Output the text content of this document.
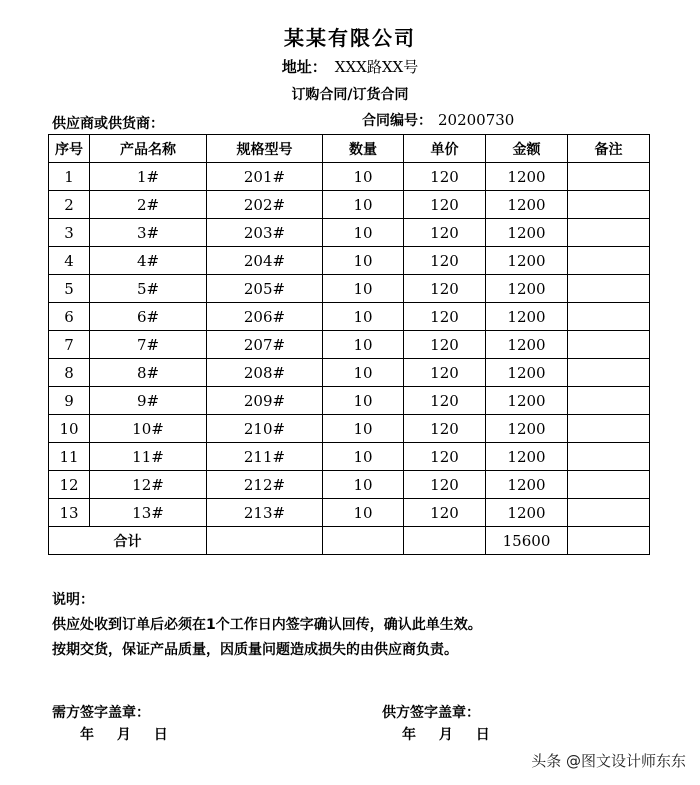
某某有限公司
地址： XXX路XX号
订购合同/订货合同
供应商或供货商：	合同编号： 20200730
序号	产品名称	规格型号	数量	单价	金额	备注
1	1#	201#	10	120	1200	
2	2#	202#	10	120	1200	
3	3#	203#	10	120	1200	
4	4#	204#	10	120	1200	
5	5#	205#	10	120	1200	
6	6#	206#	10	120	1200	
7	7#	207#	10	120	1200	
8	8#	208#	10	120	1200	
9	9#	209#	10	120	1200	
10	10#	210#	10	120	1200	
11	11#	211#	10	120	1200	
12	12#	212#	10	120	1200	
13	13#	213#	10	120	1200	
合计					15600	
说明：
供应处收到订单后必须在1个工作日内签字确认回传，确认此单生效。
按期交货，保证产品质量，因质量问题造成损失的由供应商负责。
需方签字盖章：	供方签字盖章：
年 月 日	年 月 日
头条 @图文设计师东东
